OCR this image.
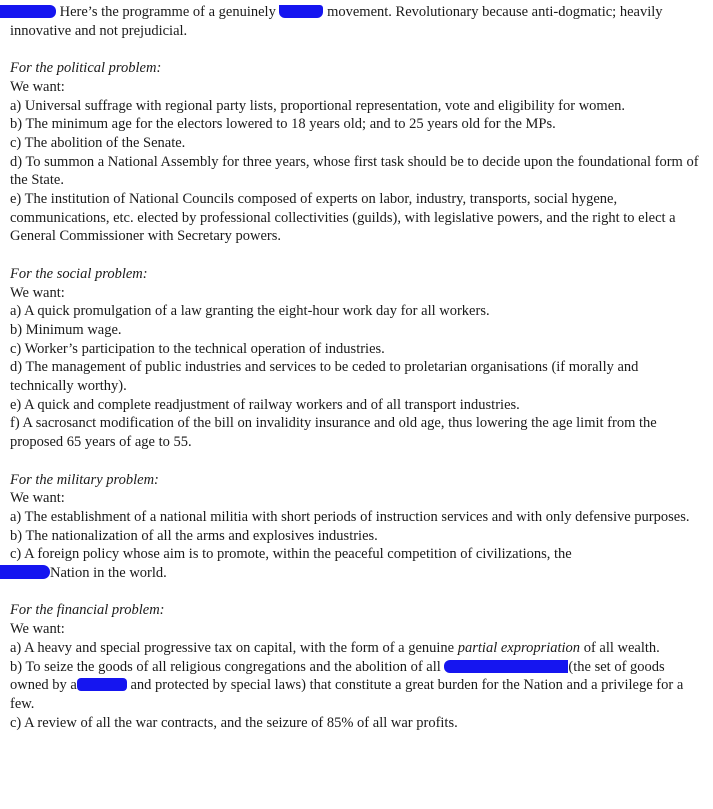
Here’s the programme of a genuinely	movement. Revolutionary because anti-dogmatic; heavily innovative and not prejudicial.

For the political problem:

We want:

a) Universal suffrage with regional party lists, proportional representation, vote and eligibility for women.

b) The minimum age for the electors lowered to 18 years old; and to 25 years old for the MPs.

c) The abolition of the Senate.

d) To summon a National Assembly for three years, whose first task should be to decide upon the foundational form of the State.

e) The institution of National Councils composed of experts on labor, industry, transports, social hygene, communications, etc. elected by professional collectivities (guilds), with legislative powers, and the right to elect a General Commissioner with Secretary powers.

For the social problem:

We want:

a) A quick promulgation of a law granting the eight-hour work day for all workers.

b) Minimum wage.

c) Worker’s participation to the technical operation of industries.

d) The management of public industries and services to be ceded to proletarian organisations (if morally and technically worthy).

e) A quick and complete readjustment of railway workers and of all transport industries.

f) A sacrosanct modification of the bill on invalidity insurance and old age, thus lowering the age limit from the proposed 65 years of age to 55.

For the military problem:

We want:

a) The establishment of a national militia with short periods of instruction services and with only defensive purposes.

b) The nationalization of all the arms and explosives industries.

c) A foreign policy whose aim is to promote, within the peaceful competition of civilizations, the
Nation in the world.

For the financial problem:

We want:

a) A heavy and special progressive tax on capital, with the form of a genuine partial expropriation of all wealth.

b) To seize the goods of all religious congregations and the abolition of all	(the set of goods owned by a	and protected by special laws) that constitute a great burden for the Nation and a privilege for a few.

c) A review of all the war contracts, and the seizure of 85% of all war profits.
